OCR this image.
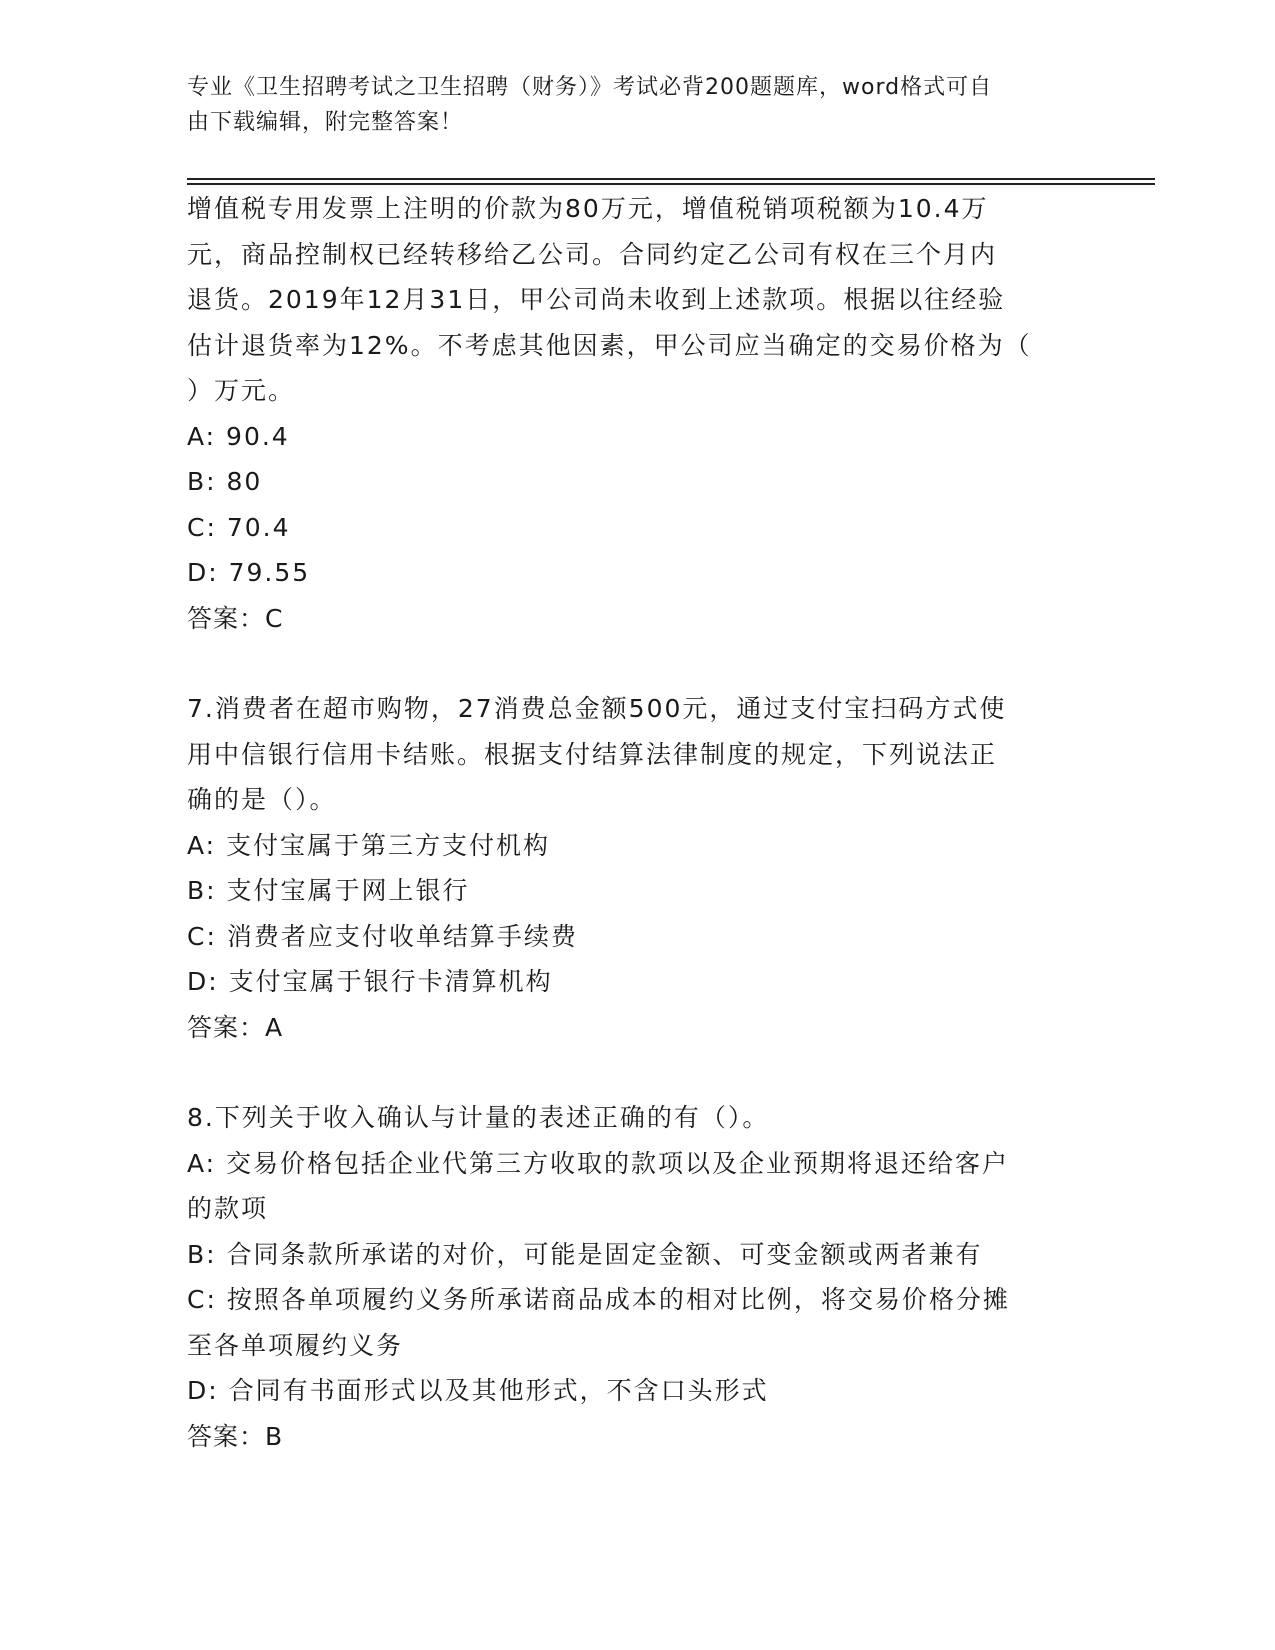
专业《卫生招聘考试之卫生招聘（财务）》考试必背200题题库，word格式可自
由下载编辑，附完整答案！
增值税专用发票上注明的价款为80万元，增值税销项税额为10.4万
元，商品控制权已经转移给乙公司。合同约定乙公司有权在三个月内
退货。2019年12月31日，甲公司尚未收到上述款项。根据以往经验
估计退货率为12%。不考虑其他因素，甲公司应当确定的交易价格为（
）万元。
A: 90.4
B: 80
C: 70.4
D: 79.55
答案：C
7.消费者在超市购物，27消费总金额500元，通过支付宝扫码方式使
用中信银行信用卡结账。根据支付结算法律制度的规定，下列说法正
确的是（）。
A: 支付宝属于第三方支付机构
B: 支付宝属于网上银行
C: 消费者应支付收单结算手续费
D: 支付宝属于银行卡清算机构
答案：A
8.下列关于收入确认与计量的表述正确的有（）。
A: 交易价格包括企业代第三方收取的款项以及企业预期将退还给客户
的款项
B: 合同条款所承诺的对价，可能是固定金额、可变金额或两者兼有
C: 按照各单项履约义务所承诺商品成本的相对比例，将交易价格分摊
至各单项履约义务
D: 合同有书面形式以及其他形式，不含口头形式
答案：B
